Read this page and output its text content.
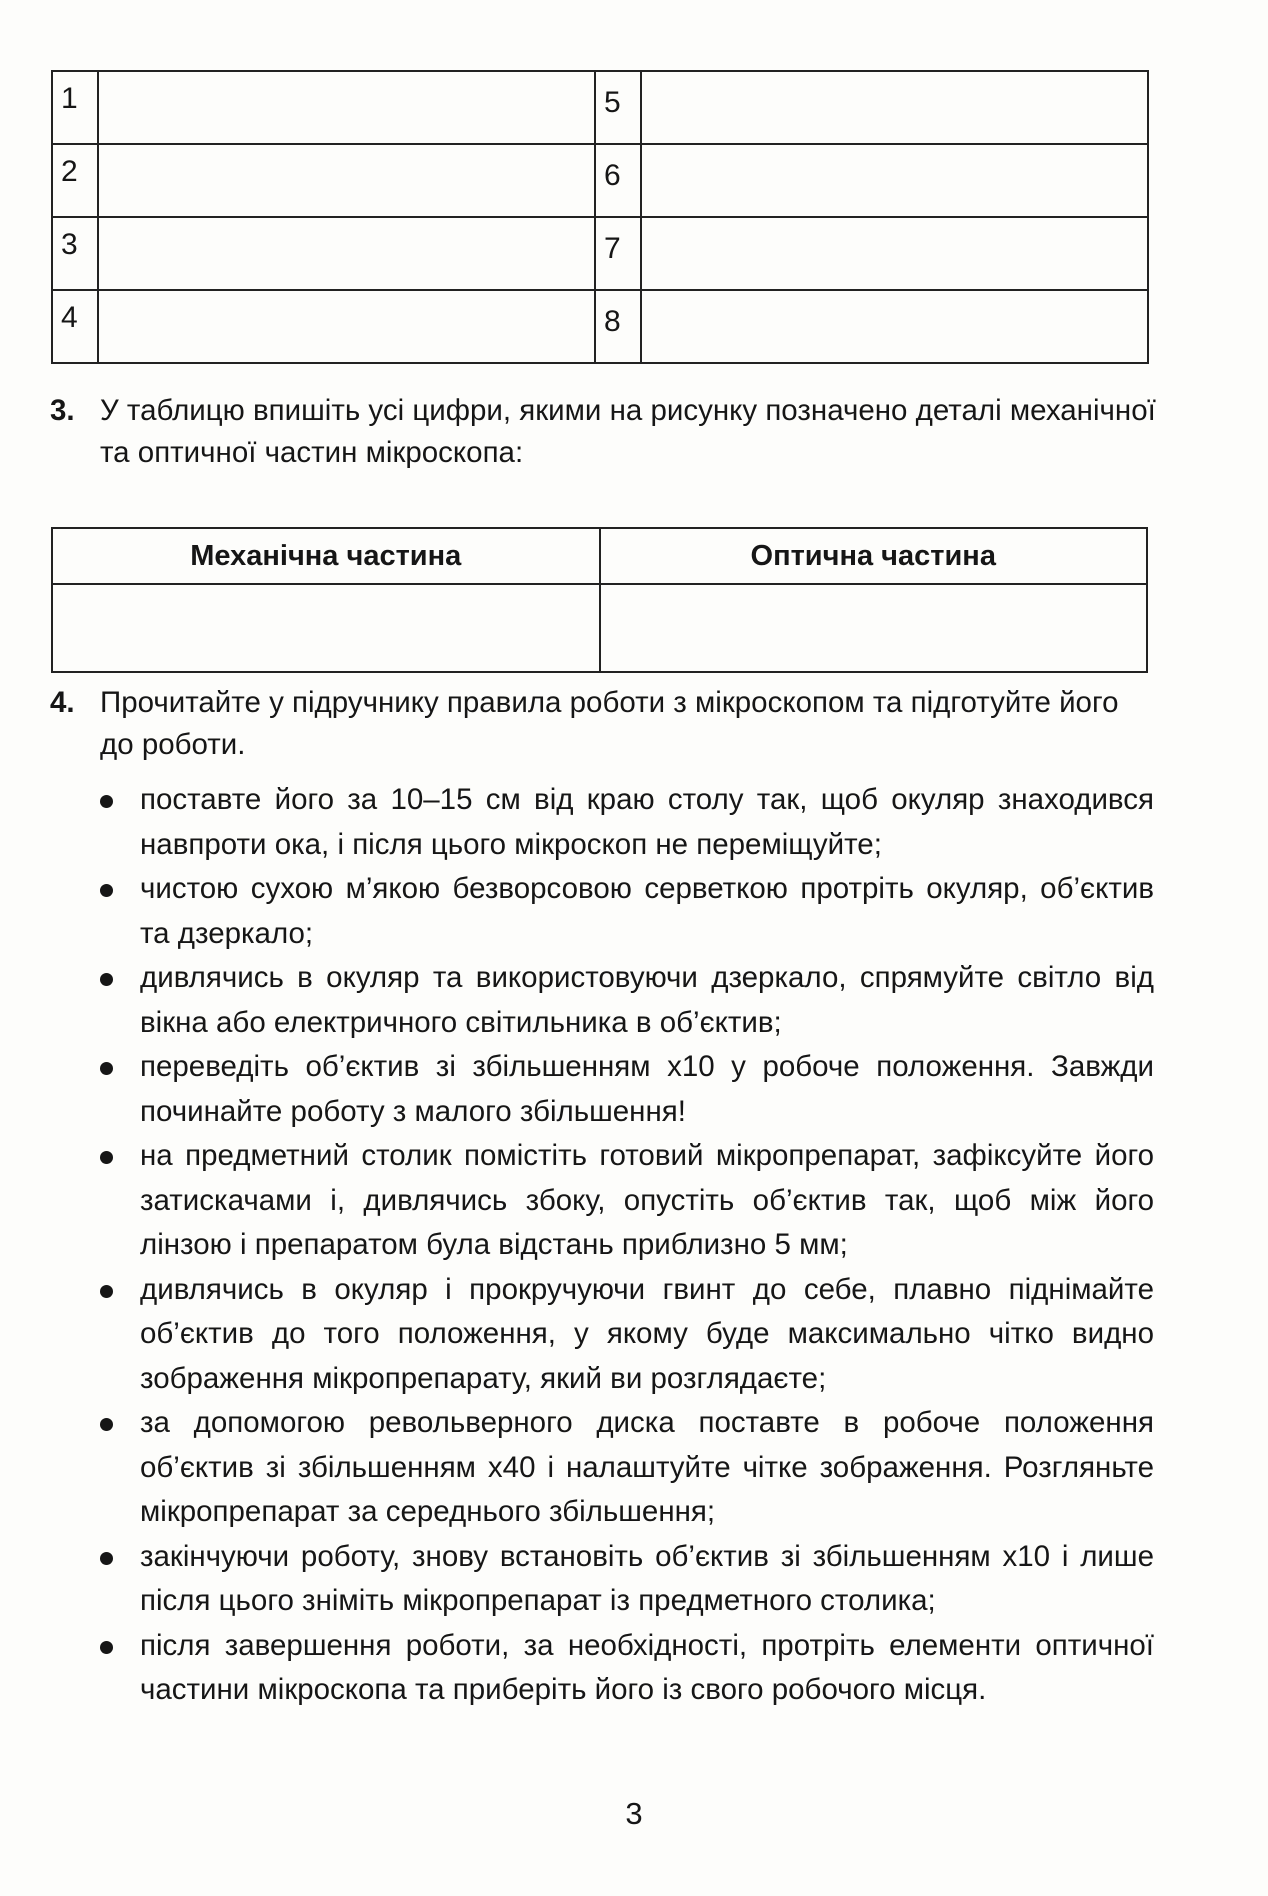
1		5	
2		6	
3		7	
4		8	
3. У таблицю впишіть усі цифри, якими на рисунку позначено деталі механічної та оптичної частин мікроскопа:
Механічна частина	Оптична частина

4. Прочитайте у підручнику правила роботи з мікроскопом та підготуйте його до роботи.
поставте його за 10–15 см від краю столу так, щоб окуляр знаходився навпроти ока, і після цього мікроскоп не переміщуйте;
чистою сухою м’якою безворсовою серветкою протріть окуляр, об’єктив та дзеркало;
дивлячись в окуляр та використовуючи дзеркало, спрямуйте світло від вікна або електричного світильника в об’єктив;
переведіть об’єктив зі збільшенням х10 у робоче положення. Завжди починайте роботу з малого збільшення!
на предметний столик помістіть готовий мікропрепарат, зафіксуйте його затискачами і, дивлячись збоку, опустіть об’єктив так, щоб між його лінзою і препаратом була відстань приблизно 5 мм;
дивлячись в окуляр і прокручуючи гвинт до себе, плавно піднімайте об’єктив до того положення, у якому буде максимально чітко видно зображення мікропрепарату, який ви розглядаєте;
за допомогою револьверного диска поставте в робоче положення об’єктив зі збільшенням х40 і налаштуйте чітке зображення. Розгляньте мікропрепарат за середнього збільшення;
закінчуючи роботу, знову встановіть об’єктив зі збільшенням х10 і лише після цього зніміть мікропрепарат із предметного столика;
після завершення роботи, за необхідності, протріть елементи оптичної частини мікроскопа та приберіть його із свого робочого місця.
3
